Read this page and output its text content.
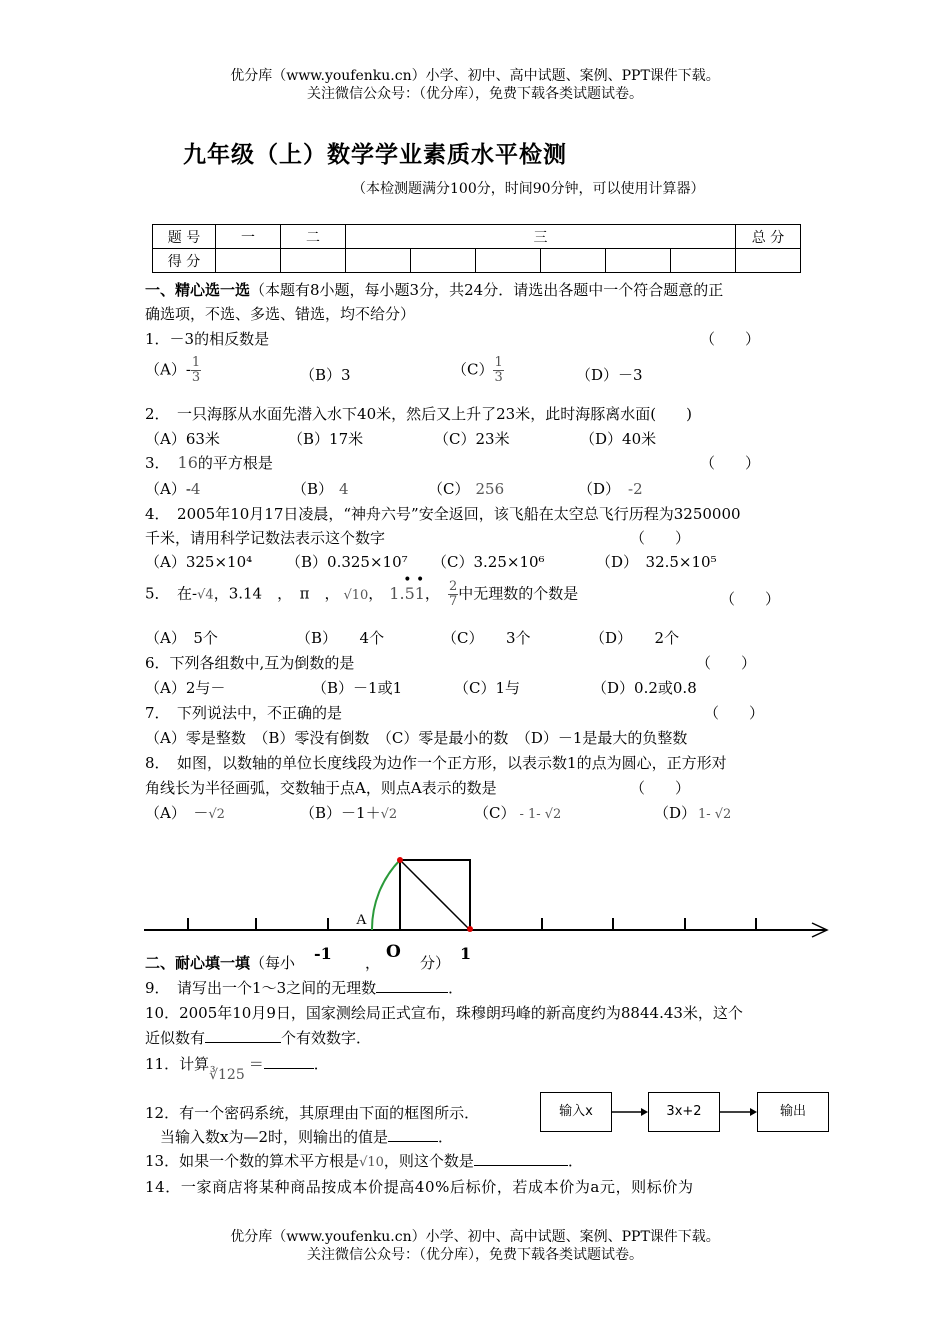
优分库（www.youfenku.cn）小学、初中、高中试题、案例、PPT课件下载。
关注微信公众号：（优分库），免费下载各类试题试卷。
九年级（上）数学学业素质水平检测
（本检测题满分100分，时间90分钟，可以使用计算器）
题 号	一	二	三						总 分
得 分									
一、精心选一选（本题有8小题，每小题3分，共24分．请选出各题中一个符合题意的正
确选项，不选、多选、错选，均不给分）
1．－3的相反数是	（　　）
$(A)- \frac{1}{3}$	（B）3	$(C) \frac{1}{3}$	（D）－3
2．　一只海豚从水面先潜入水下40米，然后又上升了23米，此时海豚离水面(　　)
（A）63米	（B）17米	（C）23米	（D）40米
3． 16的平方根是	（　　）
（A）-4	（B） 4	（C） 256	（D） -2
4．　2005年10月17日凌晨，“神舟六号”安全返回，该飞船在太空总飞行历程为3250000
千米，请用科学记数法表示这个数字	（　　）
（A）325×10⁴ （B）0.325×10⁷ （C）3.25×10⁶	（D）　32.5×10⁵
5．　在-√4，3.14　，　π　， √10，
• •
1.51， $\frac{2}{7}$ 中无理数的个数是	（　　）
（A）　5个	（B）　　4个	（C）　　3个	（D）　　2个
6．下列各组数中,互为倒数的是	（　　）
（A）2与－	（B）－1或1	（C）1与	（D）0.2或0.8
7．　下列说法中，不正确的是	（　　）
（A）零是整数　（B）零没有倒数　（C）零是最小的数　（D）－1是最大的负整数
8．　如图，以数轴的单位长度线段为边作一个正方形，以表示数1的点为圆心，正方形对
角线长为半径画弧，交数轴于点A，则点A表示的数是	（　　）
（A）　－√2	（B）－1＋√2	（C） - 1- √2	（D） 1- √2
A
二、耐心填一填（每小	，	分）
-1	O	1
9．　请写出一个1～3之间的无理数	．
10．2005年10月9日，国家测绘局正式宣布，珠穆朗玛峰的新高度约为8844.43米，这个
近似数有	个有效数字．
11．计算∛125＝	．
12．有一个密码系统，其原理由下面的框图所示．
　当输入数x为—2时，则输出的值是	．
输入x	3x+2	输出
13．如果一个数的算术平方根是√10，则这个数是	．
14．一家商店将某种商品按成本价提高40%后标价，若成本价为a元，则标价为
优分库（www.youfenku.cn）小学、初中、高中试题、案例、PPT课件下载。
关注微信公众号：（优分库），免费下载各类试题试卷。
